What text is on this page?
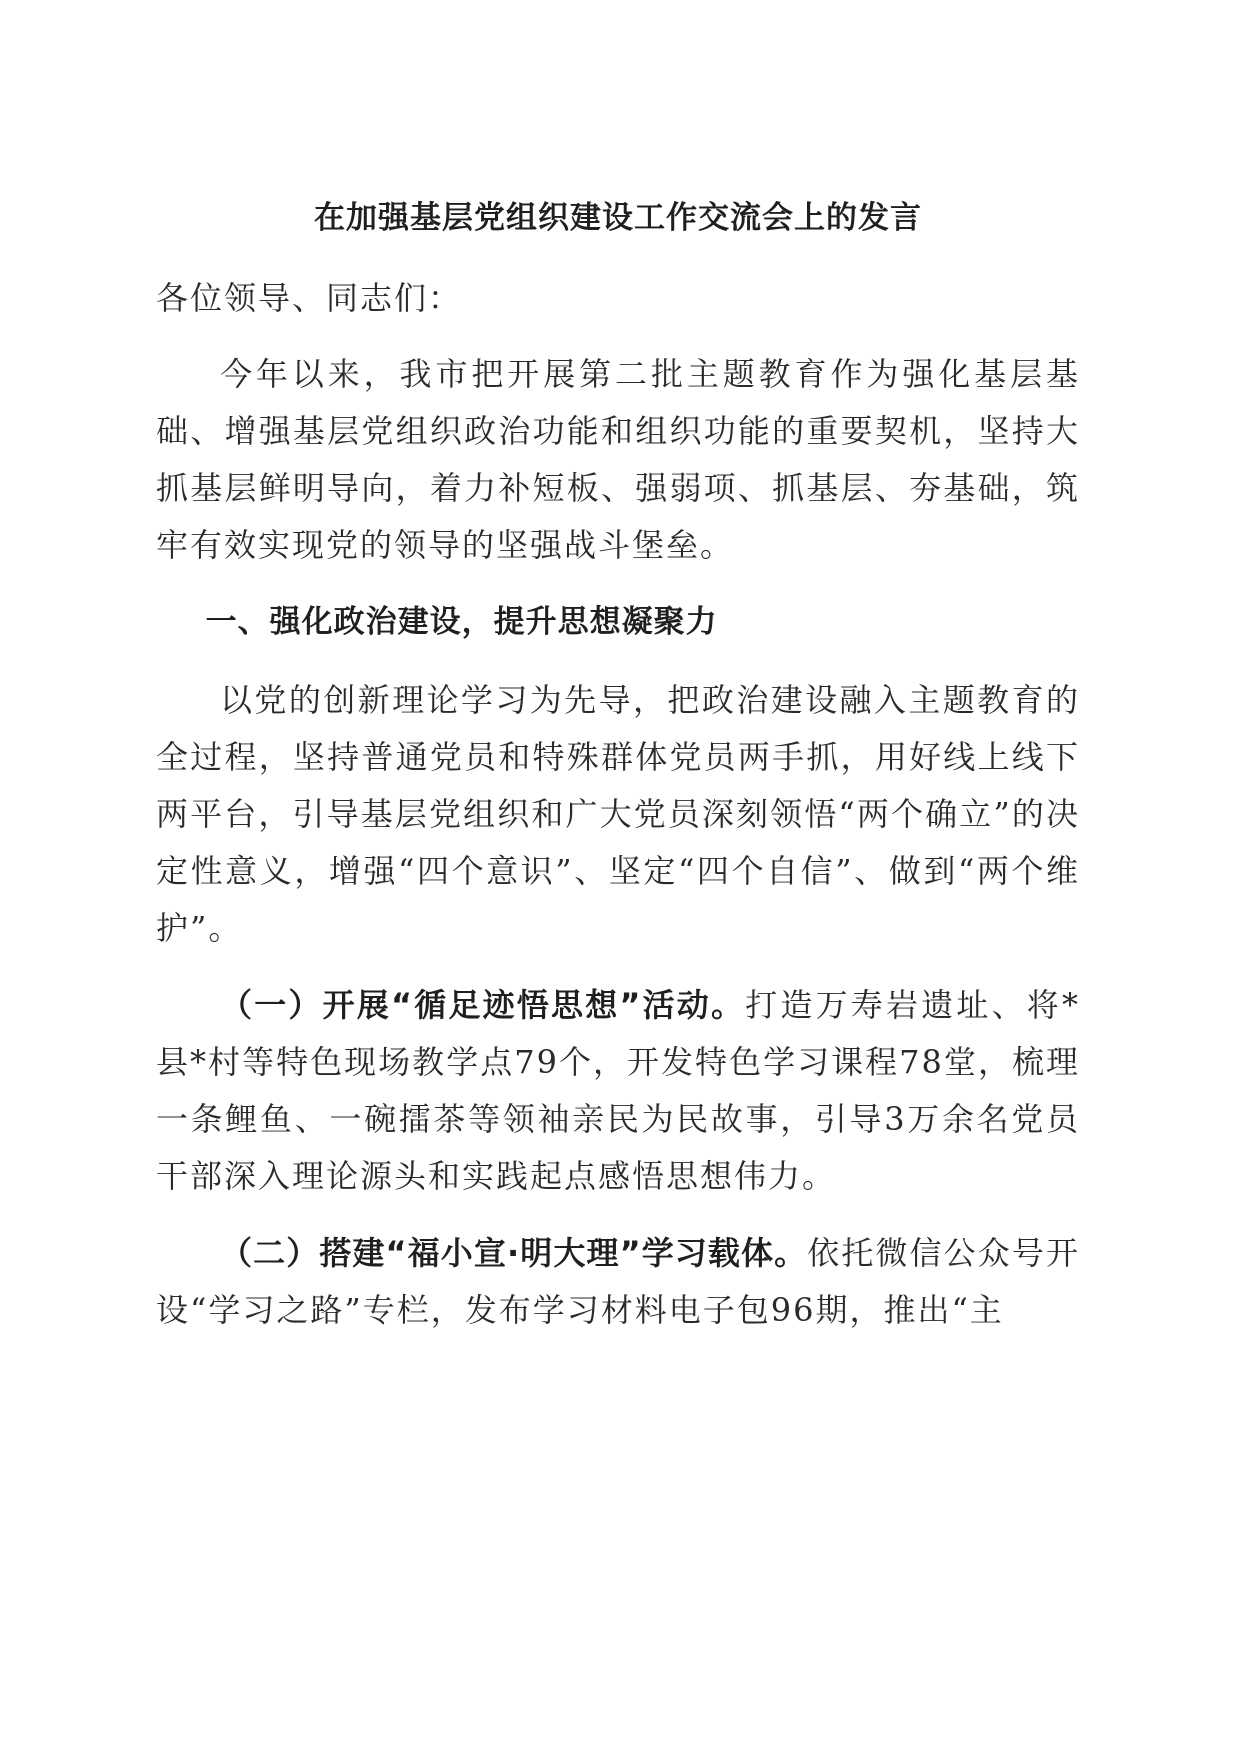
在加强基层党组织建设工作交流会上的发言
各位领导、同志们：

今年以来，我市把开展第二批主题教育作为强化基层基础、增强基层党组织政治功能和组织功能的重要契机，坚持大抓基层鲜明导向，着力补短板、强弱项、抓基层、夯基础，筑牢有效实现党的领导的坚强战斗堡垒。

一、强化政治建设，提升思想凝聚力

以党的创新理论学习为先导，把政治建设融入主题教育的全过程，坚持普通党员和特殊群体党员两手抓，用好线上线下两平台，引导基层党组织和广大党员深刻领悟“两个确立”的决定性意义，增强“四个意识”、坚定“四个自信”、做到“两个维护”。

（一）开展“循足迹悟思想”活动。打造万寿岩遗址、将*县*村等特色现场教学点79个，开发特色学习课程78堂，梳理一条鲤鱼、一碗擂茶等领袖亲民为民故事，引导3万余名党员干部深入理论源头和实践起点感悟思想伟力。

（二）搭建“福小宣·明大理”学习载体。依托微信公众号开设“学习之路”专栏，发布学习材料电子包96期，推出“主
